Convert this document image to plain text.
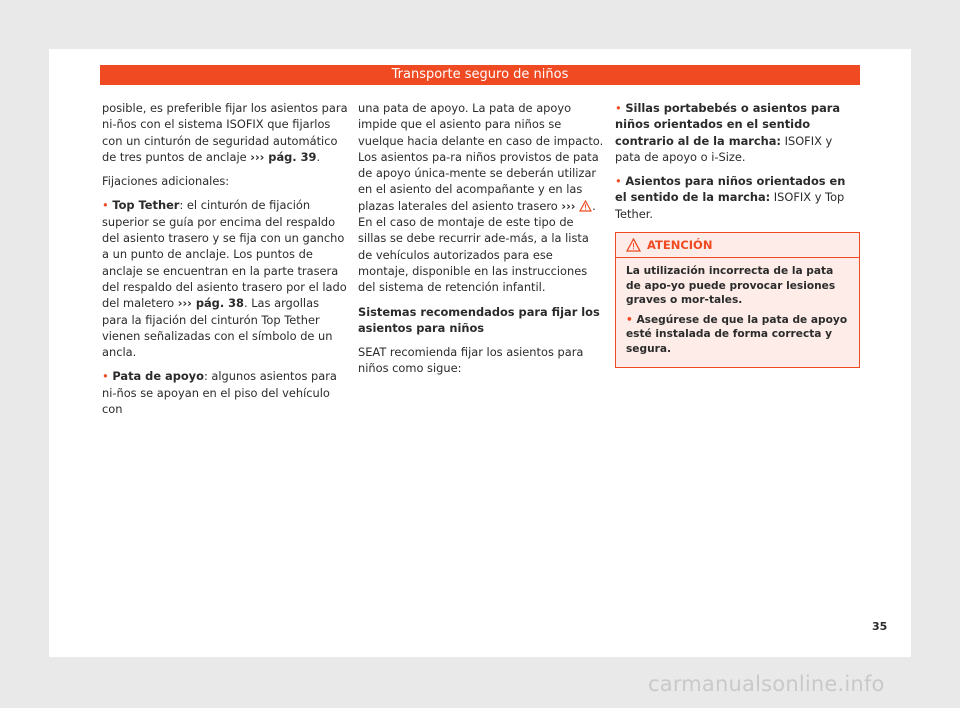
Transporte seguro de niños

posible, es preferible fijar los asientos para ni-ños con el sistema ISOFIX que fijarlos con un cinturón de seguridad automático de tres puntos de anclaje ››› pág. 39.

Fijaciones adicionales:

• Top Tether: el cinturón de fijación superior se guía por encima del respaldo del asiento trasero y se fija con un gancho a un punto de anclaje. Los puntos de anclaje se encuentran en la parte trasera del respaldo del asiento trasero por el lado del maletero ››› pág. 38. Las argollas para la fijación del cinturón Top Tether vienen señalizadas con el símbolo de un ancla.

• Pata de apoyo: algunos asientos para ni-ños se apoyan en el piso del vehículo con

una pata de apoyo. La pata de apoyo impide que el asiento para niños se vuelque hacia delante en caso de impacto. Los asientos pa-ra niños provistos de pata de apoyo única-mente se deberán utilizar en el asiento del acompañante y en las plazas laterales del asiento trasero ››› . En el caso de montaje de este tipo de sillas se debe recurrir ade-más, a la lista de vehículos autorizados para ese montaje, disponible en las instrucciones del sistema de retención infantil.

Sistemas recomendados para fijar los asientos para niños

SEAT recomienda fijar los asientos para niños como sigue:

• Sillas portabebés o asientos para niños orientados en el sentido contrario al de la marcha: ISOFIX y pata de apoyo o i-Size.

• Asientos para niños orientados en el sentido de la marcha: ISOFIX y Top Tether.

ATENCIÓN

La utilización incorrecta de la pata de apo-yo puede provocar lesiones graves o mor-tales.

• Asegúrese de que la pata de apoyo esté instalada de forma correcta y segura.

35
carmanualsonline.info
